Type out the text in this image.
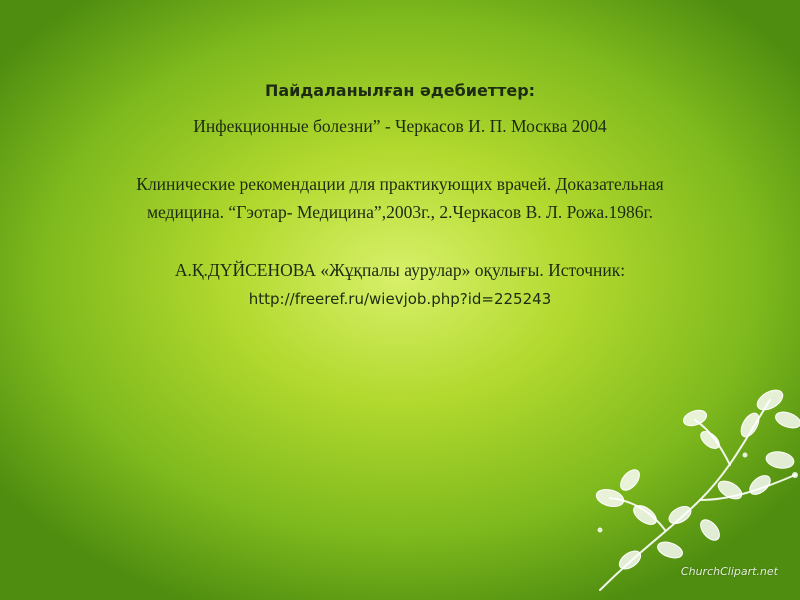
Пайдаланылған әдебиеттер:

Инфекционные болезни” - Черкасов И. П. Москва 2004

Клинические рекомендации для практикующих врачей. Доказательная

медицина. “Гэотар- Медицина”,2003г., 2.Черкасов В. Л. Рожа.1986г.

А.Қ.ДҮЙСЕНОВА «Жұқпалы аурулар» оқулығы. Источник:

http://freeref.ru/wievjob.php?id=225243

ChurchClipart.net
